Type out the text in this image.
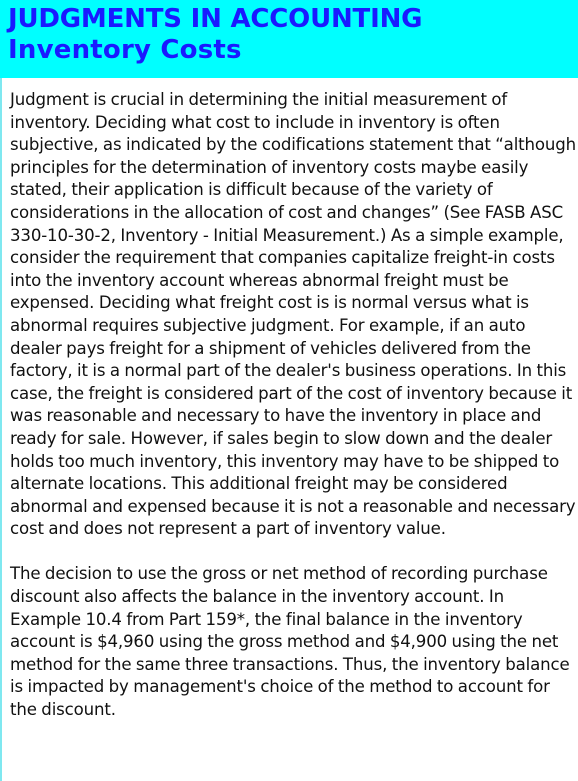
JUDGMENTS IN ACCOUNTING
Inventory Costs

Judgment is crucial in determining the initial measurement of inventory. Deciding what cost to include in inventory is often subjective, as indicated by the codifications statement that “although principles for the determination of inventory costs maybe easily stated, their application is difficult because of the variety of considerations in the allocation of cost and changes” (See FASB ASC 330-10-30-2, Inventory - Initial Measurement.) As a simple example, consider the requirement that companies capitalize freight-in costs into the inventory account whereas abnormal freight must be expensed. Deciding what freight cost is is normal versus what is abnormal requires subjective judgment. For example, if an auto dealer pays freight for a shipment of vehicles delivered from the factory, it is a normal part of the dealer's business operations. In this case, the freight is considered part of the cost of inventory because it was reasonable and necessary to have the inventory in place and ready for sale. However, if sales begin to slow down and the dealer holds too much inventory, this inventory may have to be shipped to alternate locations. This additional freight may be considered abnormal and expensed because it is not a reasonable and necessary cost and does not represent a part of inventory value.

The decision to use the gross or net method of recording purchase discount also affects the balance in the inventory account. In Example 10.4 from Part 159*, the final balance in the inventory account is $4,960 using the gross method and $4,900 using the net method for the same three transactions. Thus, the inventory balance is impacted by management's choice of the method to account for the discount.
